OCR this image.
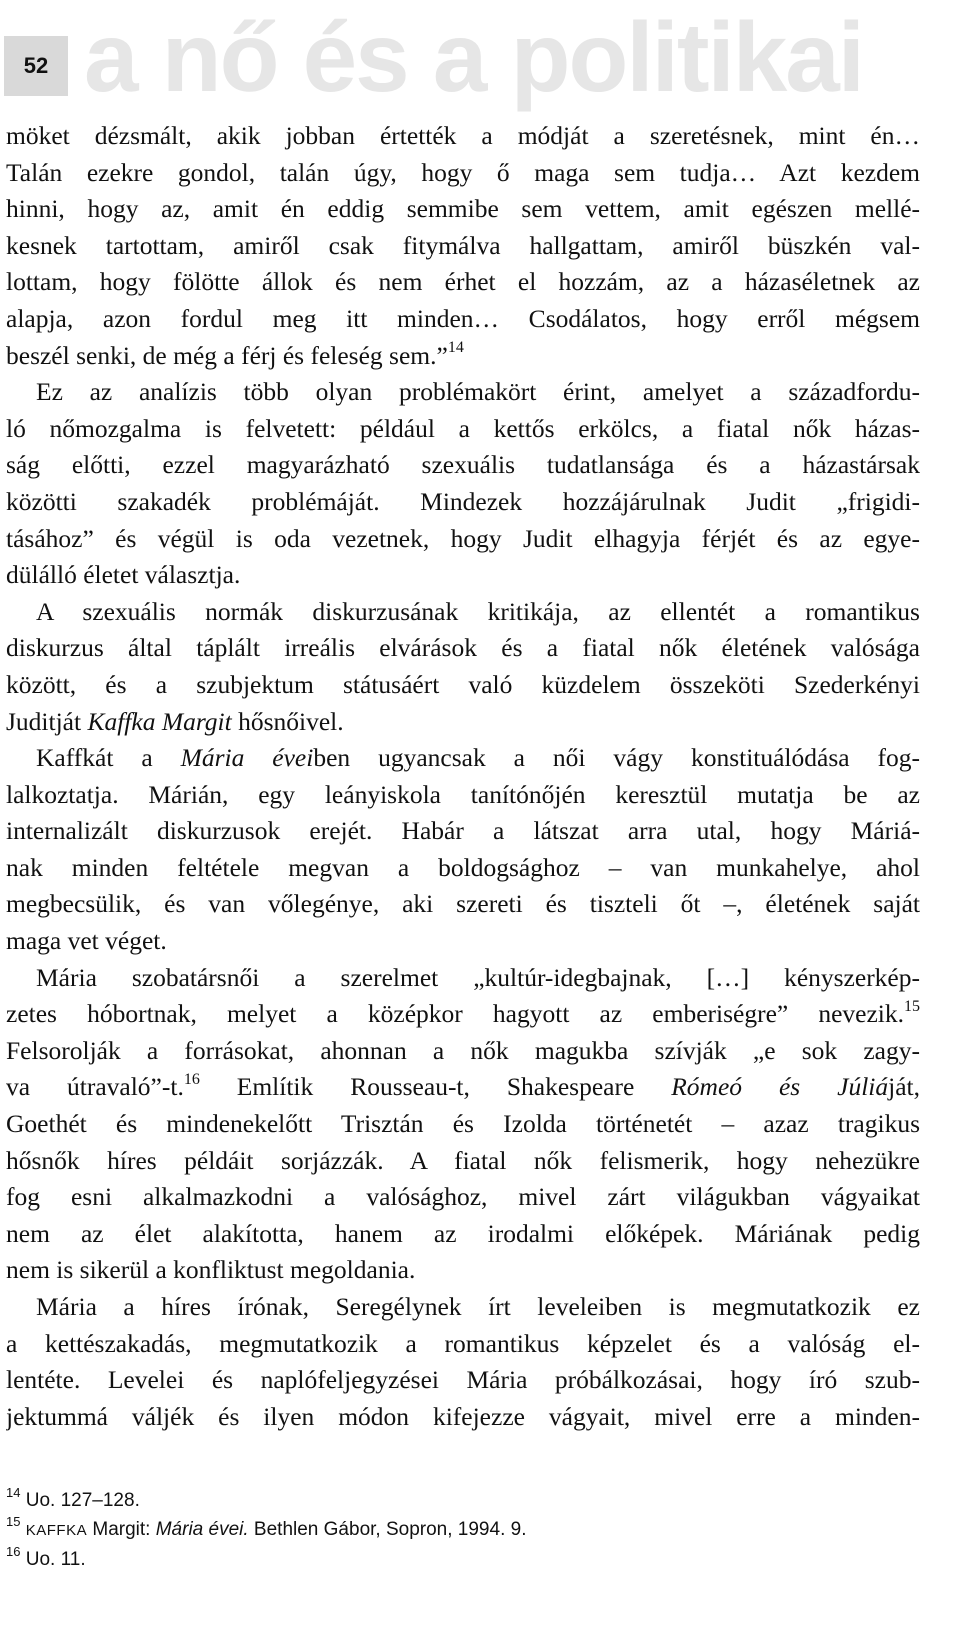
52 a nő és a politikai
möket dézsmált, akik jobban értették a módját a szeretésnek, mint én…
Talán ezekre gondol, talán úgy, hogy ő maga sem tudja… Azt kezdem
hinni, hogy az, amit én eddig semmibe sem vettem, amit egészen mellé-
kesnek tartottam, amiről csak fitymálva hallgattam, amiről büszkén val-
lottam, hogy fölötte állok és nem érhet el hozzám, az a házaséletnek az
alapja, azon fordul meg itt minden… Csodálatos, hogy erről mégsem
beszél senki, de még a férj és feleség sem.”$^{14}$
Ez az analízis több olyan problémakört érint, amelyet a századfordu-
ló nőmozgalma is felvetett: például a kettős erkölcs, a fiatal nők házas-
ság előtti, ezzel magyarázható szexuális tudatlansága és a házastársak
közötti szakadék problémáját. Mindezek hozzájárulnak Judit „frigidi-
tásához” és végül is oda vezetnek, hogy Judit elhagyja férjét és az egye-
dülálló életet választja.
A szexuális normák diskurzusának kritikája, az ellentét a romantikus
diskurzus által táplált irreális elvárások és a fiatal nők életének valósága
között, és a szubjektum státusáért való küzdelem összeköti Szederkényi
Juditját Kaffka Margit hősnőivel.
Kaffkát a Mária éveiben ugyancsak a női vágy konstituálódása fog-
lalkoztatja. Márián, egy leányiskola tanítónőjén keresztül mutatja be az
internalizált diskurzusok erejét. Habár a látszat arra utal, hogy Máriá-
nak minden feltétele megvan a boldogsághoz – van munkahelye, ahol
megbecsülik, és van vőlegénye, aki szereti és tiszteli őt –, életének saját
maga vet véget.
Mária szobatársnői a szerelmet „kultúr-idegbajnak, […] kényszerkép-
zetes hóbortnak, melyet a középkor hagyott az emberiségre” nevezik.$^{15}$
Felsorolják a forrásokat, ahonnan a nők magukba szívják „e sok zagy-
va útravaló”-t.$^{16}$ Említik Rousseau-t, Shakespeare Rómeó és Júliáját,
Goethét és mindenekelőtt Trisztán és Izolda történetét – azaz tragikus
hősnők híres példáit sorjázzák. A fiatal nők felismerik, hogy nehezükre
fog esni alkalmazkodni a valósághoz, mivel zárt világukban vágyaikat
nem az élet alakította, hanem az irodalmi előképek. Máriának pedig
nem is sikerül a konfliktust megoldania.
Mária a híres írónak, Seregélynek írt leveleiben is megmutatkozik ez
a kettészakadás, megmutatkozik a romantikus képzelet és a valóság el-
lentéte. Levelei és naplófeljegyzései Mária próbálkozásai, hogy író szub-
jektummá váljék és ilyen módon kifejezze vágyait, mivel erre a minden-
$^{14}$ Uo. 127–128.
$^{15}$ KAFFKA Margit: Mária évei. Bethlen Gábor, Sopron, 1994. 9.
$^{16}$ Uo. 11.
